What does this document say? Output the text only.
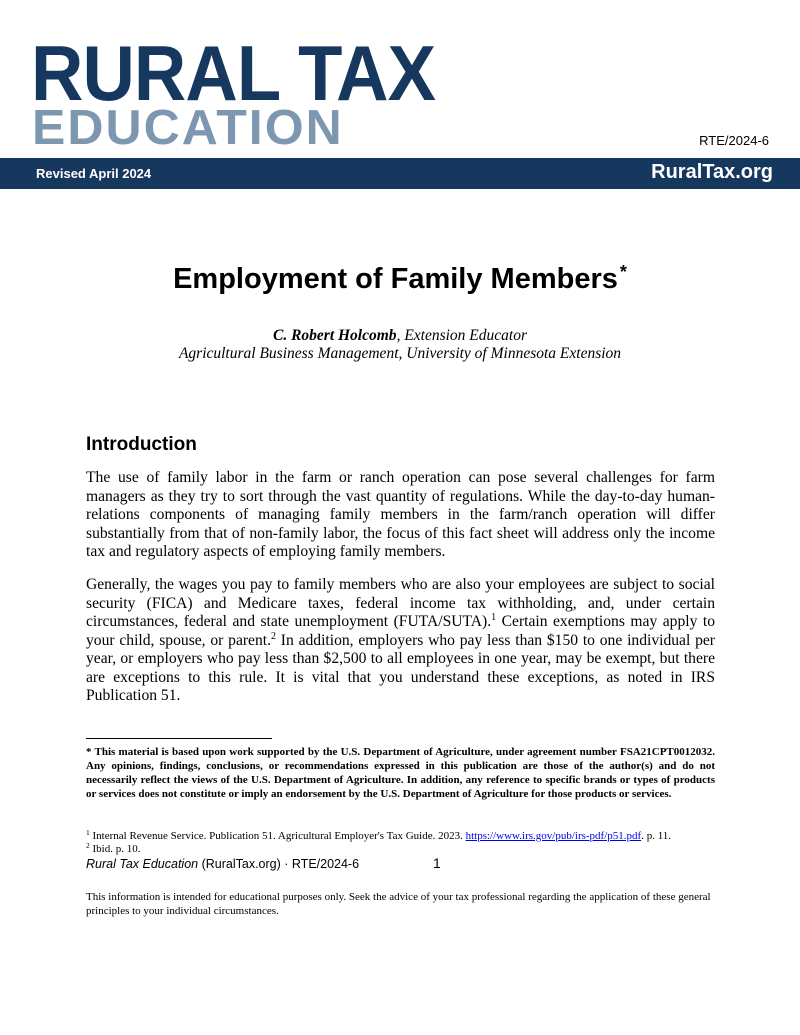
RURAL TAX
EDUCATION	RTE/2024-6
Revised April 2024	RuralTax.org
Employment of Family Members *
C. Robert Holcomb, Extension Educator
Agricultural Business Management, University of Minnesota Extension
Introduction
The use of family labor in the farm or ranch operation can pose several challenges for farm managers as they try to sort through the vast quantity of regulations. While the day-to-day human-relations components of managing family members in the farm/ranch operation will differ substantially from that of non-family labor, the focus of this fact sheet will address only the income tax and regulatory aspects of employing family members.
Generally, the wages you pay to family members who are also your employees are subject to social security (FICA) and Medicare taxes, federal income tax withholding, and, under certain circumstances, federal and state unemployment (FUTA/SUTA).$^1$ Certain exemptions may apply to your child, spouse, or parent.$^2$ In addition, employers who pay less than $150 to one individual per year, or employers who pay less than $2,500 to all employees in one year, may be exempt, but there are exceptions to this rule. It is vital that you understand these exceptions, as noted in IRS Publication 51.
* This material is based upon work supported by the U.S. Department of Agriculture, under agreement number FSA21CPT0012032. Any opinions, findings, conclusions, or recommendations expressed in this publication are those of the author(s) and do not necessarily reflect the views of the U.S. Department of Agriculture. In addition, any reference to specific brands or types of products or services does not constitute or imply an endorsement by the U.S. Department of Agriculture for those products or services.
$^1$ Internal Revenue Service. Publication 51. Agricultural Employer's Tax Guide. 2023. https://www.irs.gov/pub/irs-pdf/p51.pdf. p. 11.
$^2$ Ibid. p. 10.
Rural Tax Education (RuralTax.org) · RTE/2024-6	1
This information is intended for educational purposes only. Seek the advice of your tax professional regarding the application of these general principles to your individual circumstances.
